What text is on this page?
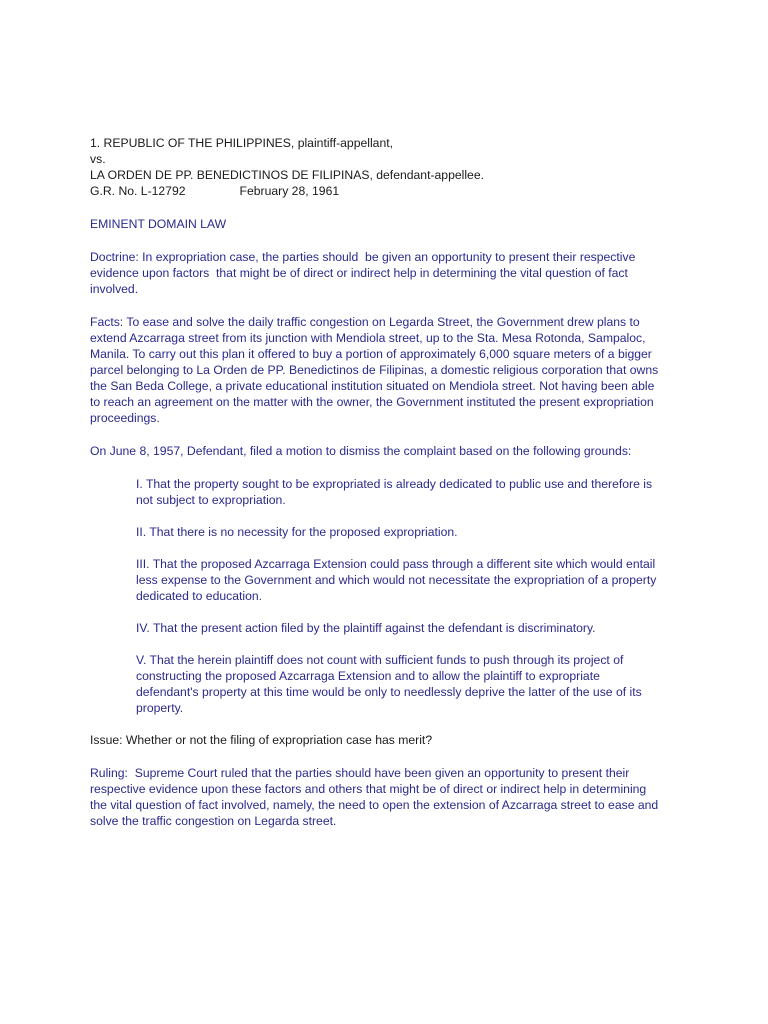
1. REPUBLIC OF THE PHILIPPINES, plaintiff-appellant,
vs.
LA ORDEN DE PP. BENEDICTINOS DE FILIPINAS, defendant-appellee.
G.R. No. L-12792	February 28, 1961
EMINENT DOMAIN LAW
Doctrine: In expropriation case, the parties should  be given an opportunity to present their respective
evidence upon factors  that might be of direct or indirect help in determining the vital question of fact
involved.
Facts: To ease and solve the daily traffic congestion on Legarda Street, the Government drew plans to
extend Azcarraga street from its junction with Mendiola street, up to the Sta. Mesa Rotonda, Sampaloc,
Manila. To carry out this plan it offered to buy a portion of approximately 6,000 square meters of a bigger
parcel belonging to La Orden de PP. Benedictinos de Filipinas, a domestic religious corporation that owns
the San Beda College, a private educational institution situated on Mendiola street. Not having been able
to reach an agreement on the matter with the owner, the Government instituted the present expropriation
proceedings.
On June 8, 1957, Defendant, filed a motion to dismiss the complaint based on the following grounds:
I. That the property sought to be expropriated is already dedicated to public use and therefore is
not subject to expropriation.
II. That there is no necessity for the proposed expropriation.
III. That the proposed Azcarraga Extension could pass through a different site which would entail
less expense to the Government and which would not necessitate the expropriation of a property
dedicated to education.
IV. That the present action filed by the plaintiff against the defendant is discriminatory.
V. That the herein plaintiff does not count with sufficient funds to push through its project of
constructing the proposed Azcarraga Extension and to allow the plaintiff to expropriate
defendant's property at this time would be only to needlessly deprive the latter of the use of its
property.
Issue: Whether or not the filing of expropriation case has merit?
Ruling:  Supreme Court ruled that the parties should have been given an opportunity to present their
respective evidence upon these factors and others that might be of direct or indirect help in determining
the vital question of fact involved, namely, the need to open the extension of Azcarraga street to ease and
solve the traffic congestion on Legarda street.
